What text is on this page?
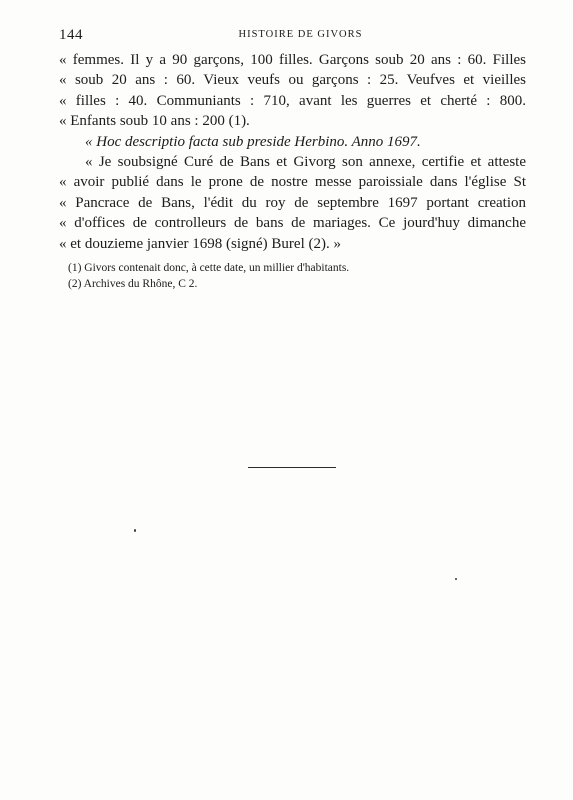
144	HISTOIRE DE GIVORS
« femmes. Il y a 90 garçons, 100 filles. Garçons soub 20 ans : 60. Filles
« soub 20 ans : 60. Vieux veufs ou garçons : 25. Veufves et vieilles
« filles : 40. Communiants : 710, avant les guerres et cherté : 800.
« Enfants soub 10 ans : 200 (1).
« Hoc descriptio facta sub preside Herbino. Anno 1697.
« Je soubsigné Curé de Bans et Givorg son annexe, certifie et atteste
« avoir publié dans le prone de nostre messe paroissiale dans l'église St
« Pancrace de Bans, l'édit du roy de septembre 1697 portant creation
« d'offices de controlleurs de bans de mariages. Ce jourd'huy dimanche
« et douzieme janvier 1698 (signé) Burel (2). »
(1) Givors contenait donc, à cette date, un millier d'habitants.
(2) Archives du Rhône, C 2.
